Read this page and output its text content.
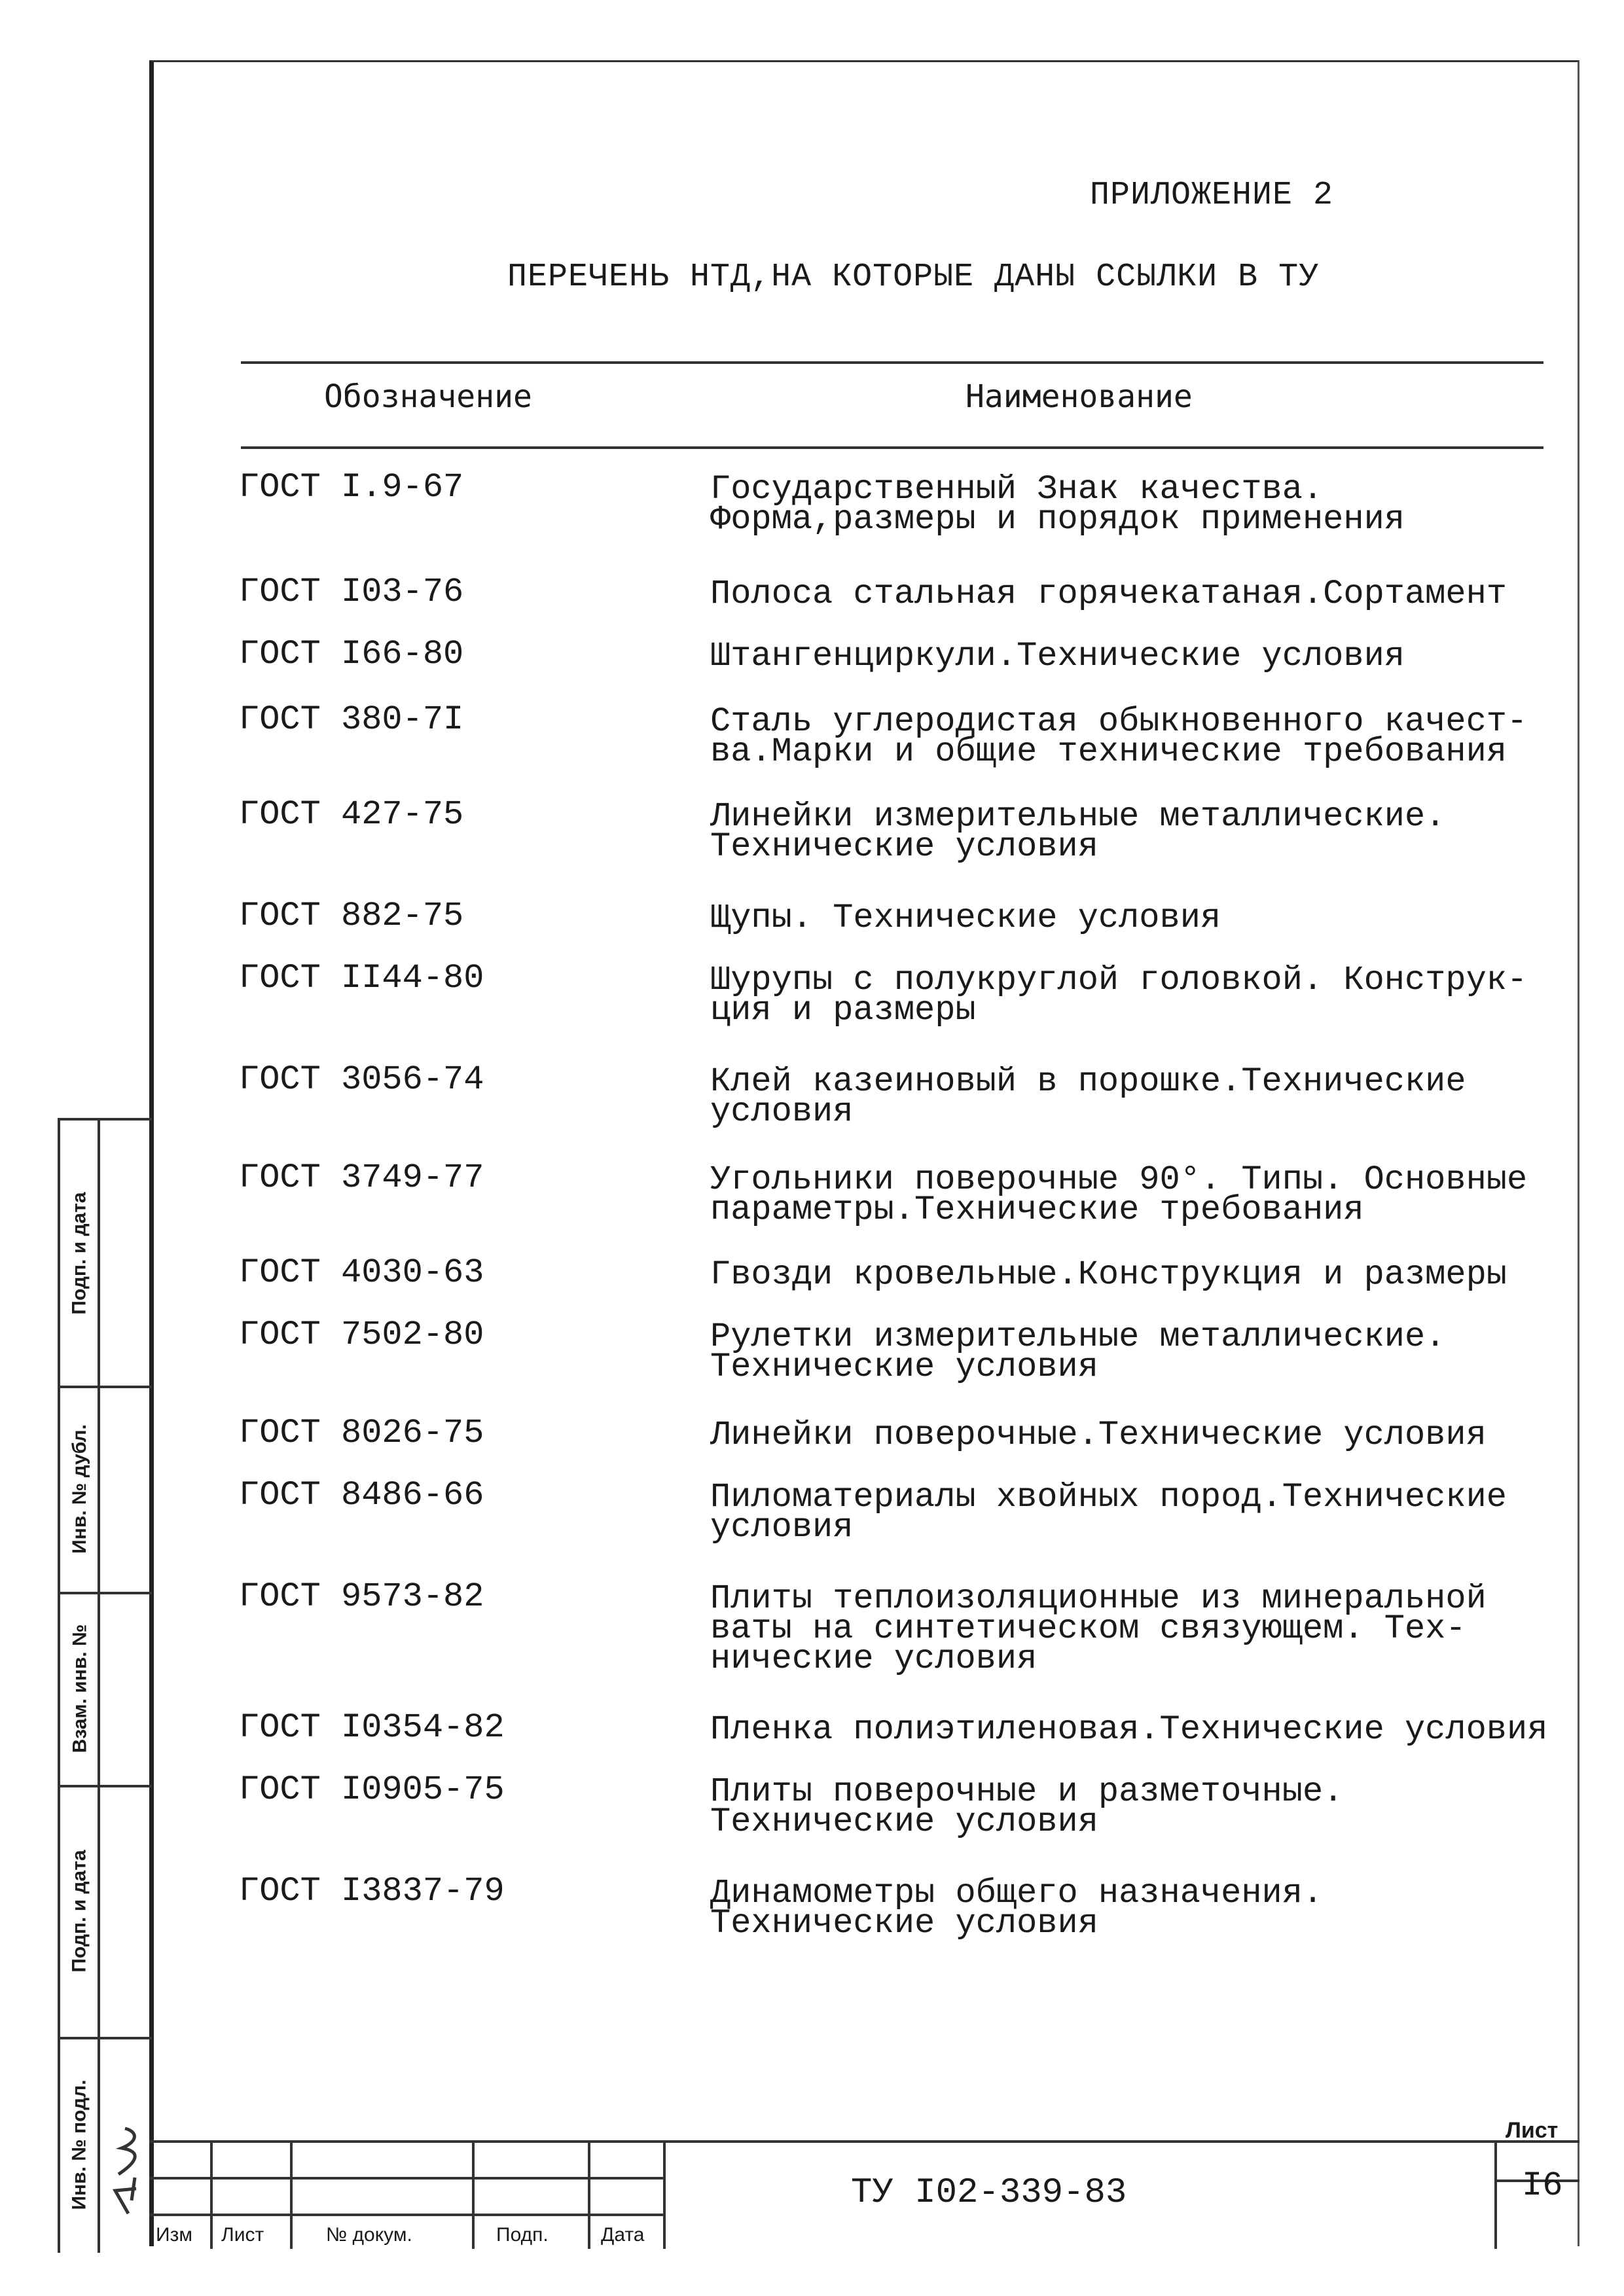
ПРИЛОЖЕНИЕ 2
ПЕРЕЧЕНЬ НТД,НА КОТОРЫЕ ДАНЫ ССЫЛКИ В ТУ
Обозначение	Наименование
ГОСТ I.9-67	Государственный Знак качества.
Форма,размеры и порядок применения
ГОСТ I03-76	Полоса стальная горячекатаная.Сортамент
ГОСТ I66-80	Штангенциркули.Технические условия
ГОСТ 380-7I	Сталь углеродистая обыкновенного качест-
ва.Марки и общие технические требования
ГОСТ 427-75	Линейки измерительные металлические.
Технические условия
ГОСТ 882-75	Щупы. Технические условия
ГОСТ II44-80	Шурупы с полукруглой головкой. Конструк-
ция и размеры
ГОСТ 3056-74	Клей казеиновый в порошке.Технические
условия
ГОСТ 3749-77	Угольники поверочные 90°. Типы. Основные
параметры.Технические требования
ГОСТ 4030-63	Гвозди кровельные.Конструкция и размеры
ГОСТ 7502-80	Рулетки измерительные металлические.
Технические условия
ГОСТ 8026-75	Линейки поверочные.Технические условия
ГОСТ 8486-66	Пиломатериалы хвойных пород.Технические
условия
ГОСТ 9573-82	Плиты теплоизоляционные из минеральной
ваты на синтетическом связующем. Тех-
нические условия
ГОСТ I0354-82	Пленка полиэтиленовая.Технические условия
ГОСТ I0905-75	Плиты поверочные и разметочные.
Технические условия
ГОСТ I3837-79	Динамометры общего назначения.
Технические условия
Подп. и дата
Инв. № дубл.
Взам. инв. №
Подп. и дата
Инв. № подл.
Изм Лист	№ докум.	Подп.	Дата
ТУ I02-339-83
Лист
I6
